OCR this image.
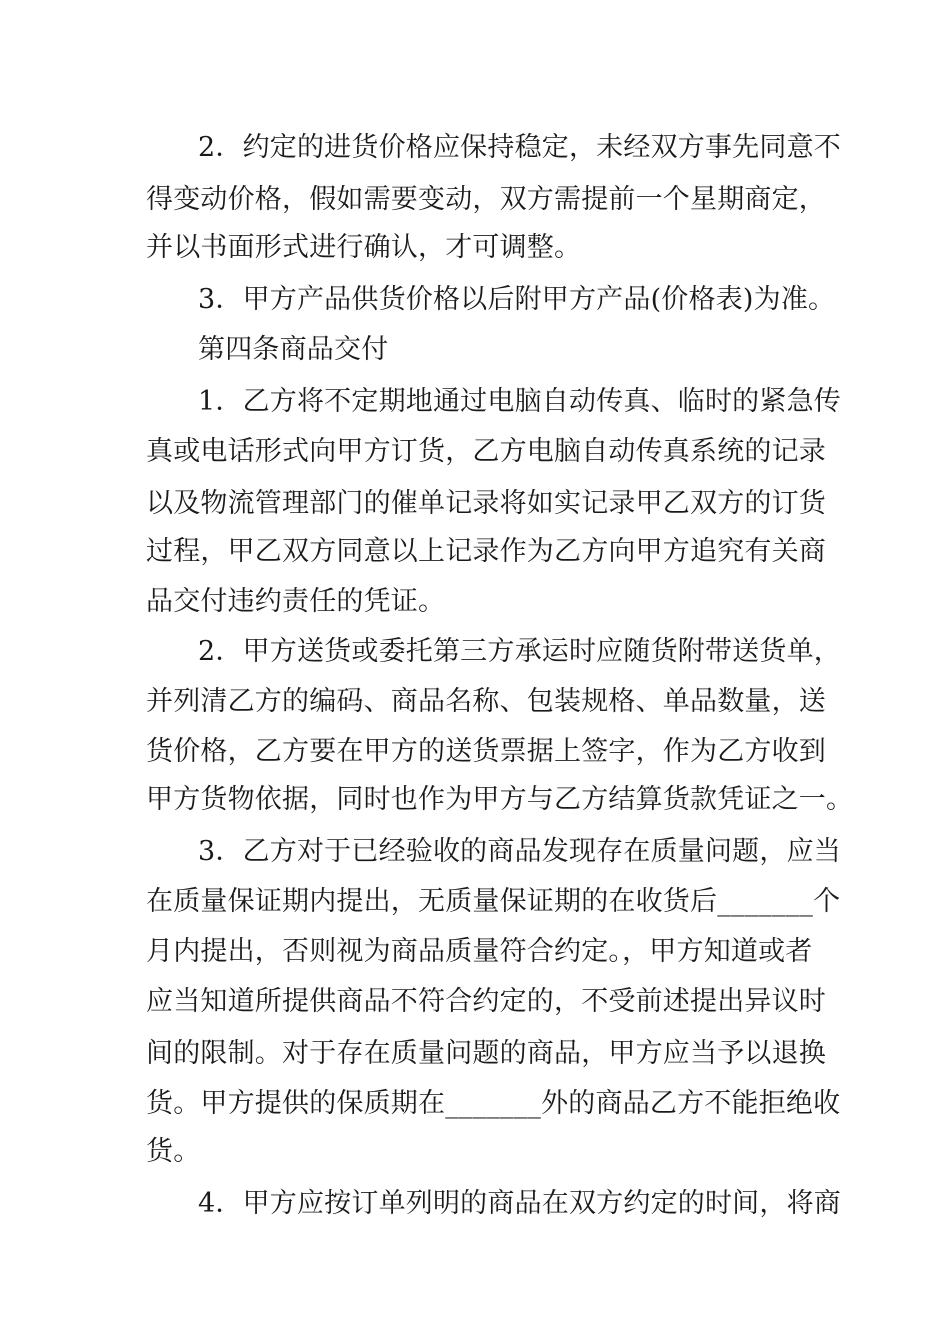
2．约定的进货价格应保持稳定，未经双方事先同意不
得变动价格，假如需要变动，双方需提前一个星期商定，
并以书面形式进行确认，才可调整。
3．甲方产品供货价格以后附甲方产品(价格表)为准。
第四条商品交付
1．乙方将不定期地通过电脑自动传真、临时的紧急传
真或电话形式向甲方订货，乙方电脑自动传真系统的记录
以及物流管理部门的催单记录将如实记录甲乙双方的订货
过程，甲乙双方同意以上记录作为乙方向甲方追究有关商
品交付违约责任的凭证。
2．甲方送货或委托第三方承运时应随货附带送货单，
并列清乙方的编码、商品名称、包装规格、单品数量，送
货价格，乙方要在甲方的送货票据上签字，作为乙方收到
甲方货物依据，同时也作为甲方与乙方结算货款凭证之一。
3．乙方对于已经验收的商品发现存在质量问题，应当
在质量保证期内提出，无质量保证期的在收货后_______个
月内提出，否则视为商品质量符合约定。，甲方知道或者
应当知道所提供商品不符合约定的，不受前述提出异议时
间的限制。对于存在质量问题的商品，甲方应当予以退换
货。甲方提供的保质期在_______外的商品乙方不能拒绝收
货。
4．甲方应按订单列明的商品在双方约定的时间，将商
